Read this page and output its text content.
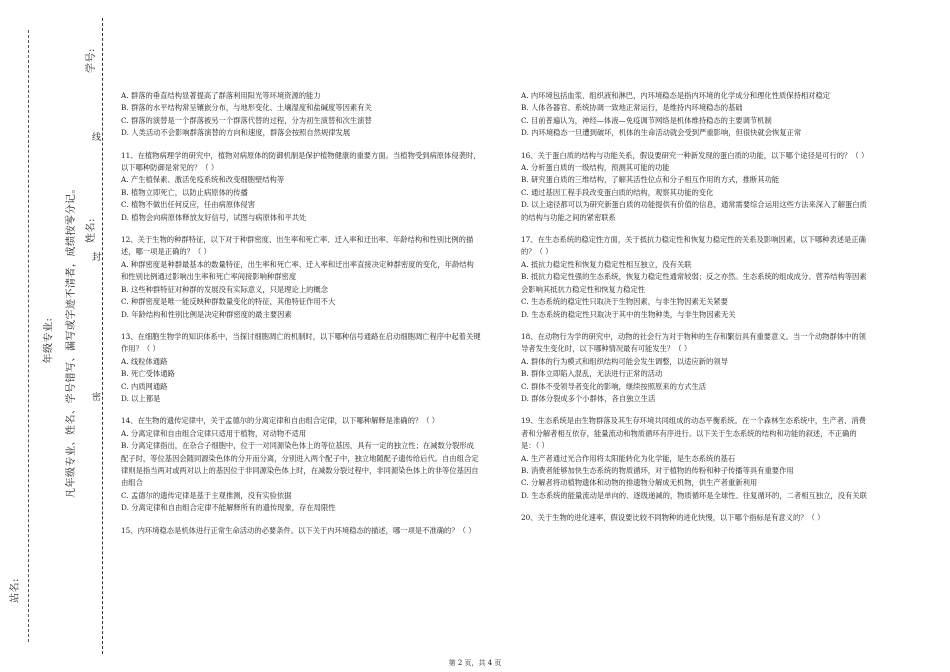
站名:
年级专业:	凡年级专业、姓名、学号错写、漏写或字迹不清者，成绩按零分记。 姓名:
学号:
密
封
线
A. 群落的垂直结构显著提高了群落利用阳光等环境资源的能力
B. 群落的水平结构常呈镶嵌分布，与地形变化、土壤湿度和盐碱度等因素有关
C. 群落的演替是一个群落被另一个群落代替的过程，分为初生演替和次生演替
D. 人类活动不会影响群落演替的方向和速度，群落会按照自然规律发展
11、在植物病理学的研究中，植物对病原体的防御机制是保护植物健康的重要方面。当植物受到病原体侵袭时，以下哪种防御是常见的？（ ）
A. 产生植保素、激活免疫系统和改变细胞壁结构等
B. 植物立即死亡，以防止病原体的传播
C. 植物不做出任何反应，任由病原体侵害
D. 植物会向病原体释放友好信号，试图与病原体和平共处
12、关于生物的种群特征，以下对于种群密度、出生率和死亡率、迁入率和迁出率、年龄结构和性别比例的描述，哪一项是正确的？（ ）
A. 种群密度是种群最基本的数量特征，出生率和死亡率、迁入率和迁出率直接决定种群密度的变化，年龄结构和性别比例通过影响出生率和死亡率间接影响种群密度
B. 这些种群特征对种群的发展没有实际意义，只是理论上的概念
C. 种群密度是唯一能反映种群数量变化的特征，其他特征作用不大
D. 年龄结构和性别比例是决定种群密度的最主要因素
13、在细胞生物学的知识体系中，当探讨细胞凋亡的机制时，以下哪种信号通路在启动细胞凋亡程序中起着关键作用？（ ）
A. 线粒体通路
B. 死亡受体通路
C. 内质网通路
D. 以上都是
14、在生物的遗传定律中，关于孟德尔的分离定律和自由组合定律，以下哪种解释是准确的？（ ）
A. 分离定律和自由组合定律只适用于植物，对动物不适用
B. 分离定律指出，在杂合子细胞中，位于一对同源染色体上的等位基因，具有一定的独立性；在减数分裂形成配子时，等位基因会随同源染色体的分开而分离，分别进入两个配子中，独立地随配子遗传给后代。自由组合定律则是指当两对或两对以上的基因位于非同源染色体上时，在减数分裂过程中，非同源染色体上的非等位基因自由组合
C. 孟德尔的遗传定律是基于主观推测，没有实验依据
D. 分离定律和自由组合定律不能解释所有的遗传现象，存在局限性
15、内环境稳态是机体进行正常生命活动的必要条件。以下关于内环境稳态的描述，哪一项是不准确的？（ ）
A. 内环境包括血浆、组织液和淋巴，内环境稳态是指内环境的化学成分和理化性质保持相对稳定
B. 人体各器官、系统协调一致地正常运行，是维持内环境稳态的基础
C. 目前普遍认为，神经—体液—免疫调节网络是机体维持稳态的主要调节机制
D. 内环境稳态一旦遭到破坏，机体的生命活动就会受到严重影响，但很快就会恢复正常
16、关于蛋白质的结构与功能关系，假设要研究一种新发现的蛋白质的功能，以下哪个途径是可行的？（ ）
A. 分析蛋白质的一级结构，预测其可能的功能
B. 研究蛋白质的三维结构，了解其活性位点和分子相互作用的方式，推断其功能
C. 通过基因工程手段改变蛋白质的结构，观察其功能的变化
D. 以上途径都可以为研究新蛋白质的功能提供有价值的信息，通常需要综合运用这些方法来深入了解蛋白质的结构与功能之间的紧密联系
17、在生态系统的稳定性方面，关于抵抗力稳定性和恢复力稳定性的关系及影响因素，以下哪种表述是正确的？（ ）
A. 抵抗力稳定性和恢复力稳定性相互独立，没有关联
B. 抵抗力稳定性强的生态系统，恢复力稳定性通常较弱；反之亦然。生态系统的组成成分、营养结构等因素会影响其抵抗力稳定性和恢复力稳定性
C. 生态系统的稳定性只取决于生物因素，与非生物因素无关紧要
D. 生态系统的稳定性只取决于其中的生物种类，与非生物因素无关
18、在动物行为学的研究中，动物的社会行为对于物种的生存和繁衍具有重要意义。当一个动物群体中的领导者发生变化时，以下哪种情况最有可能发生？（ ）
A. 群体的行为模式和组织结构可能会发生调整，以适应新的领导
B. 群体立即陷入混乱，无法进行正常的活动
C. 群体不受领导者变化的影响，继续按照原来的方式生活
D. 群体分裂成多个小群体，各自独立生活
19、生态系统是由生物群落及其生存环境共同组成的动态平衡系统。在一个森林生态系统中，生产者、消费者和分解者相互依存，能量流动和物质循环有序进行。以下关于生态系统的结构和功能的叙述，不正确的是：（ ）
A. 生产者通过光合作用将太阳能转化为化学能，是生态系统的基石
B. 消费者能够加快生态系统的物质循环，对于植物的传粉和种子传播等具有重要作用
C. 分解者将动植物遗体和动物的排遗物分解成无机物，供生产者重新利用
D. 生态系统的能量流动是单向的、逐级递减的，物质循环是全球性、往复循环的，二者相互独立，没有关联
20、关于生物的进化速率，假设要比较不同物种的进化快慢，以下哪个指标是有意义的？（ ）
第 2 页，共 4 页
